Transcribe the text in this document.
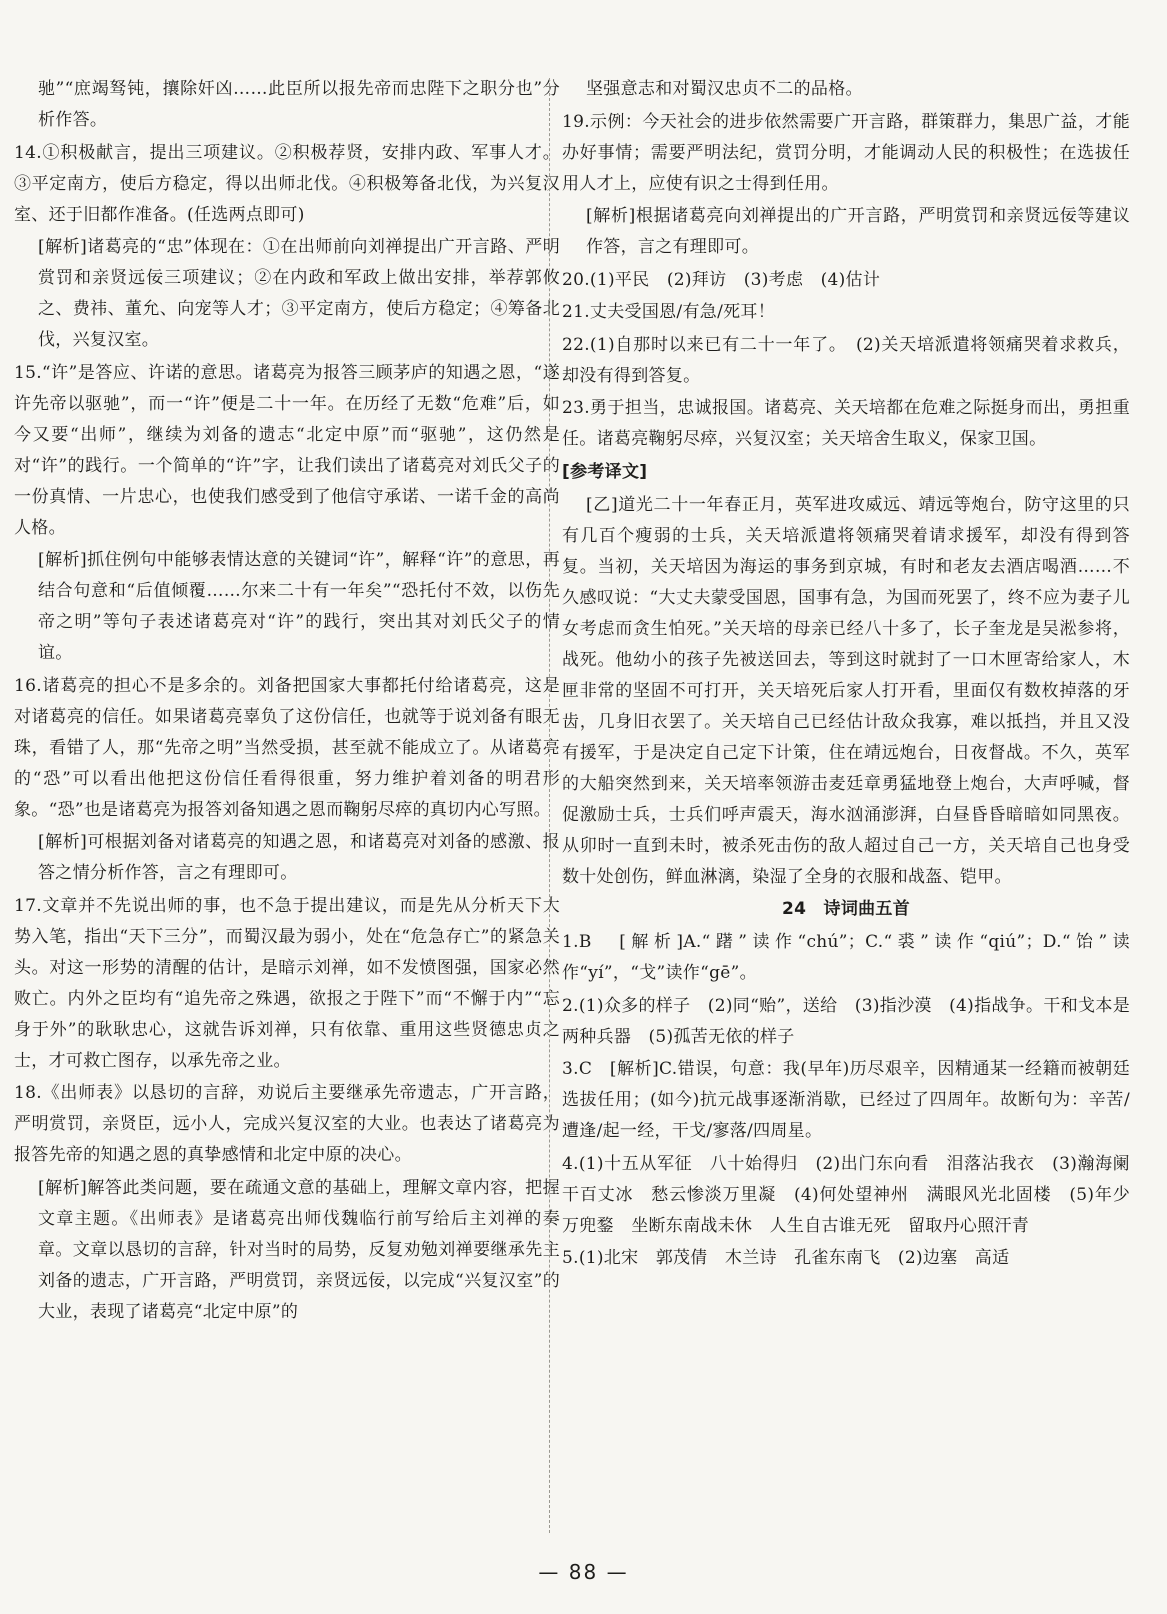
驰”“庶竭驽钝，攘除奸凶……此臣所以报先帝而忠陛下之职分也”分析作答。

14.①积极献言，提出三项建议。②积极荐贤，安排内政、军事人才。③平定南方，使后方稳定，得以出师北伐。④积极筹备北伐，为兴复汉室、还于旧都作准备。(任选两点即可)

[解析]诸葛亮的“忠”体现在：①在出师前向刘禅提出广开言路、严明赏罚和亲贤远佞三项建议；②在内政和军政上做出安排，举荐郭攸之、费祎、董允、向宠等人才；③平定南方，使后方稳定；④筹备北伐，兴复汉室。

15.“许”是答应、许诺的意思。诸葛亮为报答三顾茅庐的知遇之恩，“遂许先帝以驱驰”，而一“许”便是二十一年。在历经了无数“危难”后，如今又要“出师”，继续为刘备的遗志“北定中原”而“驱驰”，这仍然是对“许”的践行。一个简单的“许”字，让我们读出了诸葛亮对刘氏父子的一份真情、一片忠心，也使我们感受到了他信守承诺、一诺千金的高尚人格。

[解析]抓住例句中能够表情达意的关键词“许”，解释“许”的意思，再结合句意和“后值倾覆……尔来二十有一年矣”“恐托付不效，以伤先帝之明”等句子表述诸葛亮对“许”的践行，突出其对刘氏父子的情谊。

16.诸葛亮的担心不是多余的。刘备把国家大事都托付给诸葛亮，这是对诸葛亮的信任。如果诸葛亮辜负了这份信任，也就等于说刘备有眼无珠，看错了人，那“先帝之明”当然受损，甚至就不能成立了。从诸葛亮的“恐”可以看出他把这份信任看得很重，努力维护着刘备的明君形象。“恐”也是诸葛亮为报答刘备知遇之恩而鞠躬尽瘁的真切内心写照。

[解析]可根据刘备对诸葛亮的知遇之恩，和诸葛亮对刘备的感激、报答之情分析作答，言之有理即可。

17.文章并不先说出师的事，也不急于提出建议，而是先从分析天下大势入笔，指出“天下三分”，而蜀汉最为弱小，处在“危急存亡”的紧急关头。对这一形势的清醒的估计，是暗示刘禅，如不发愤图强，国家必然败亡。内外之臣均有“追先帝之殊遇，欲报之于陛下”而“不懈于内”“忘身于外”的耿耿忠心，这就告诉刘禅，只有依靠、重用这些贤德忠贞之士，才可救亡图存，以承先帝之业。

18.《出师表》以恳切的言辞，劝说后主要继承先帝遗志，广开言路，严明赏罚，亲贤臣，远小人，完成兴复汉室的大业。也表达了诸葛亮为报答先帝的知遇之恩的真挚感情和北定中原的决心。

[解析]解答此类问题，要在疏通文意的基础上，理解文章内容，把握文章主题。《出师表》是诸葛亮出师伐魏临行前写给后主刘禅的奏章。文章以恳切的言辞，针对当时的局势，反复劝勉刘禅要继承先主刘备的遗志，广开言路，严明赏罚，亲贤远佞，以完成“兴复汉室”的大业，表现了诸葛亮“北定中原”的

坚强意志和对蜀汉忠贞不二的品格。

19.示例：今天社会的进步依然需要广开言路，群策群力，集思广益，才能办好事情；需要严明法纪，赏罚分明，才能调动人民的积极性；在选拔任用人才上，应使有识之士得到任用。

[解析]根据诸葛亮向刘禅提出的广开言路，严明赏罚和亲贤远佞等建议作答，言之有理即可。

20.(1)平民　(2)拜访　(3)考虑　(4)估计

21.丈夫受国恩/有急/死耳！

22.(1)自那时以来已有二十一年了。　(2)关天培派遣将领痛哭着求救兵，却没有得到答复。

23.勇于担当，忠诚报国。诸葛亮、关天培都在危难之际挺身而出，勇担重任。诸葛亮鞠躬尽瘁，兴复汉室；关天培舍生取义，保家卫国。

[参考译文]

[乙]道光二十一年春正月，英军进攻威远、靖远等炮台，防守这里的只有几百个瘦弱的士兵，关天培派遣将领痛哭着请求援军，却没有得到答复。当初，关天培因为海运的事务到京城，有时和老友去酒店喝酒……不久感叹说：“大丈夫蒙受国恩，国事有急，为国而死罢了，终不应为妻子儿女考虑而贪生怕死。”关天培的母亲已经八十多了，长子奎龙是吴淞参将，战死。他幼小的孩子先被送回去，等到这时就封了一口木匣寄给家人，木匣非常的坚固不可打开，关天培死后家人打开看，里面仅有数枚掉落的牙齿，几身旧衣罢了。关天培自己已经估计敌众我寡，难以抵挡，并且又没有援军，于是决定自己定下计策，住在靖远炮台，日夜督战。不久，英军的大船突然到来，关天培率领游击麦廷章勇猛地登上炮台，大声呼喊，督促激励士兵，士兵们呼声震天，海水汹涌澎湃，白昼昏昏暗暗如同黑夜。从卯时一直到未时，被杀死击伤的敌人超过自己一方，关天培自己也身受数十处创伤，鲜血淋漓，染湿了全身的衣服和战盔、铠甲。

24　诗词曲五首

1.B　[解析]A.“躇”读作“chú”；C.“裘”读作“qiú”；D.“饴”读作“yí”，“戈”读作“gē”。

2.(1)众多的样子　(2)同“贻”，送给　(3)指沙漠　(4)指战争。干和戈本是两种兵器　(5)孤苦无依的样子

3.C　[解析]C.错误，句意：我(早年)历尽艰辛，因精通某一经籍而被朝廷选拔任用；(如今)抗元战事逐渐消歇，已经过了四周年。故断句为：辛苦/遭逢/起一经，干戈/寥落/四周星。

4.(1)十五从军征　八十始得归　(2)出门东向看　泪落沾我衣　(3)瀚海阑干百丈冰　愁云惨淡万里凝　(4)何处望神州　满眼风光北固楼　(5)年少万兜鍪　坐断东南战未休　人生自古谁无死　留取丹心照汗青

5.(1)北宋　郭茂倩　木兰诗　孔雀东南飞　(2)边塞　高适

— 88 —
